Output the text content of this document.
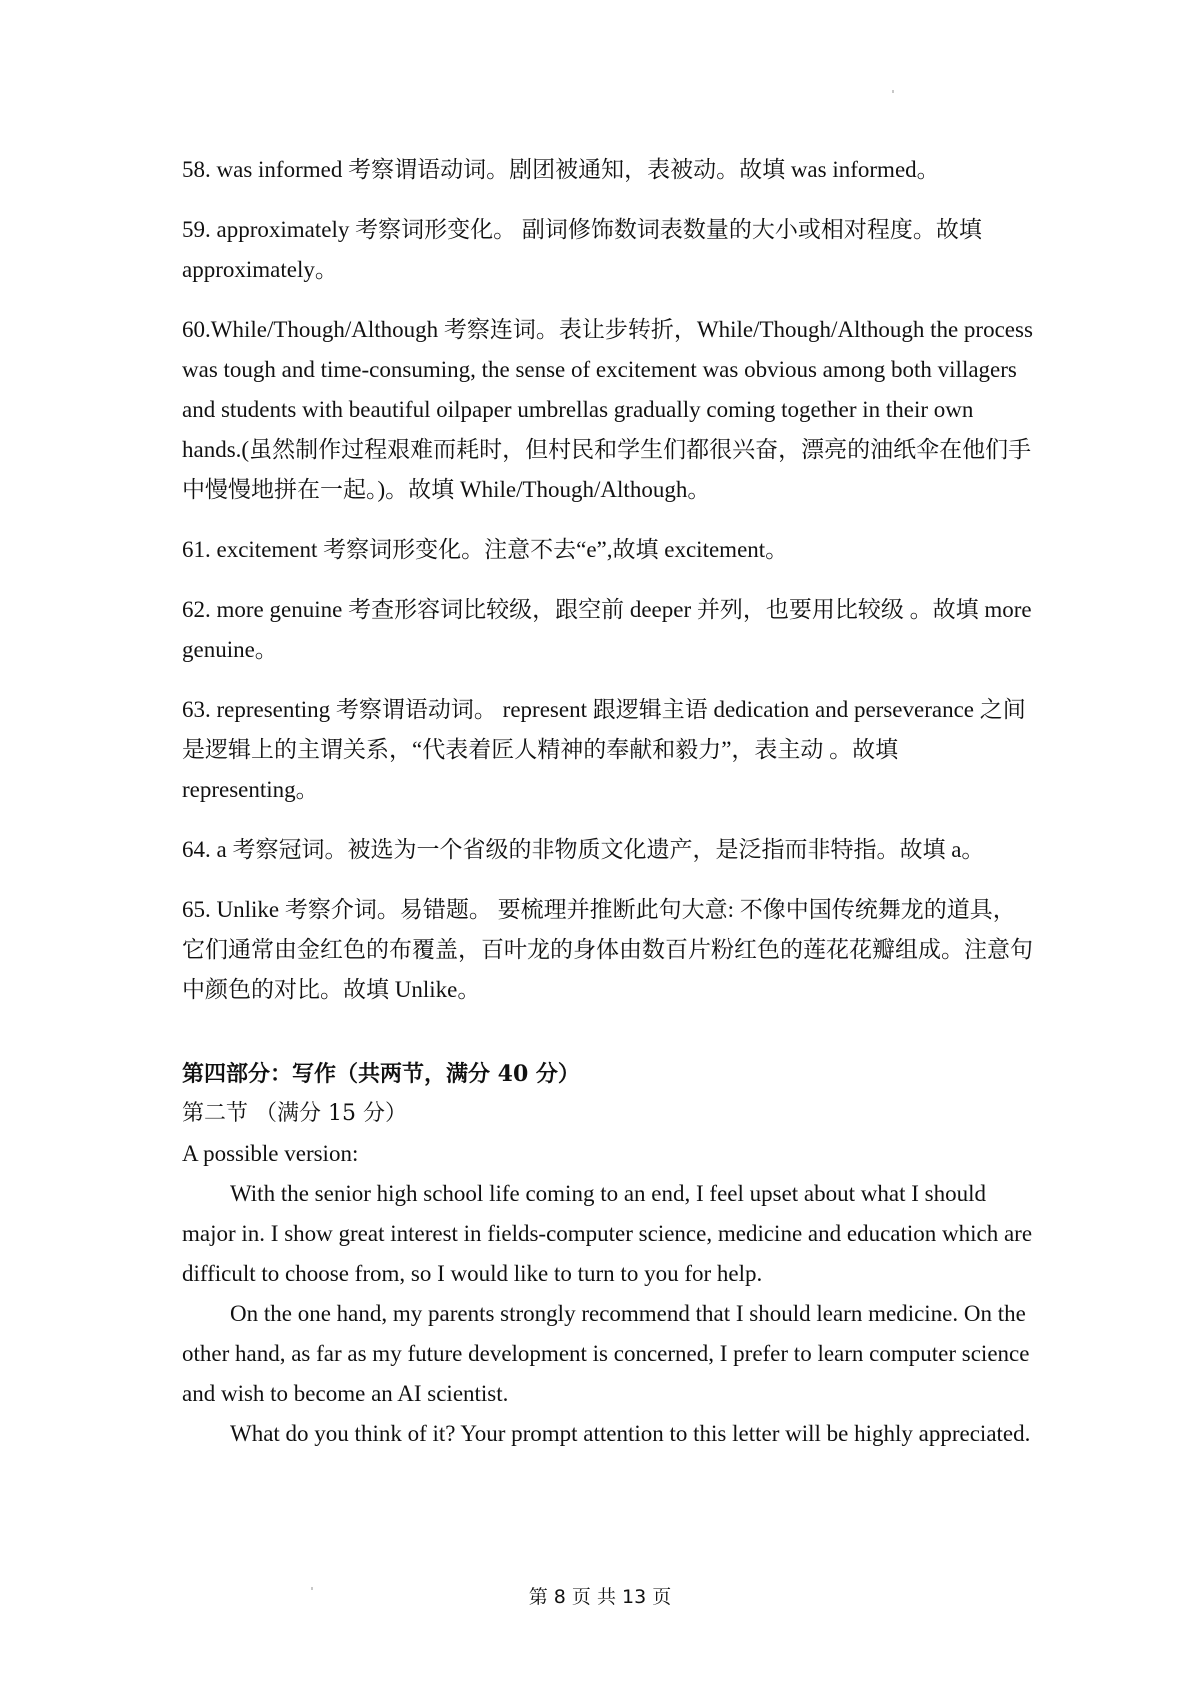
58. was informed 考察谓语动词。剧团被通知，表被动。故填 was informed。
59. approximately 考察词形变化。 副词修饰数词表数量的大小或相对程度。故填 approximately。
60.While/Though/Although 考察连词。表让步转折，While/Though/Although the process was tough and time-consuming, the sense of excitement was obvious among both villagers and students with beautiful oilpaper umbrellas gradually coming together in their own hands.(虽然制作过程艰难而耗时，但村民和学生们都很兴奋，漂亮的油纸伞在他们手中慢慢地拼在一起。)。故填 While/Though/Although。
61. excitement 考察词形变化。注意不去“e”,故填 excitement。
62. more genuine 考查形容词比较级，跟空前 deeper 并列，也要用比较级 。故填 more genuine。
63. representing 考察谓语动词。 represent 跟逻辑主语 dedication and perseverance 之间是逻辑上的主谓关系，“代表着匠人精神的奉献和毅力”，表主动 。故填 representing。
64. a 考察冠词。被选为一个省级的非物质文化遗产，是泛指而非特指。故填 a。
65. Unlike 考察介词。易错题。 要梳理并推断此句大意: 不像中国传统舞龙的道具，它们通常由金红色的布覆盖，百叶龙的身体由数百片粉红色的莲花花瓣组成。注意句中颜色的对比。故填 Unlike。
第四部分：写作（共两节，满分 40 分）
第二节 （满分 15 分）
A possible version:

With the senior high school life coming to an end, I feel upset about what I should major in. I show great interest in fields-computer science, medicine and education which are difficult to choose from, so I would like to turn to you for help.

On the one hand, my parents strongly recommend that I should learn medicine. On the other hand, as far as my future development is concerned, I prefer to learn computer science and wish to become an AI scientist.

What do you think of it? Your prompt attention to this letter will be highly appreciated.

第 8 页 共 13 页
